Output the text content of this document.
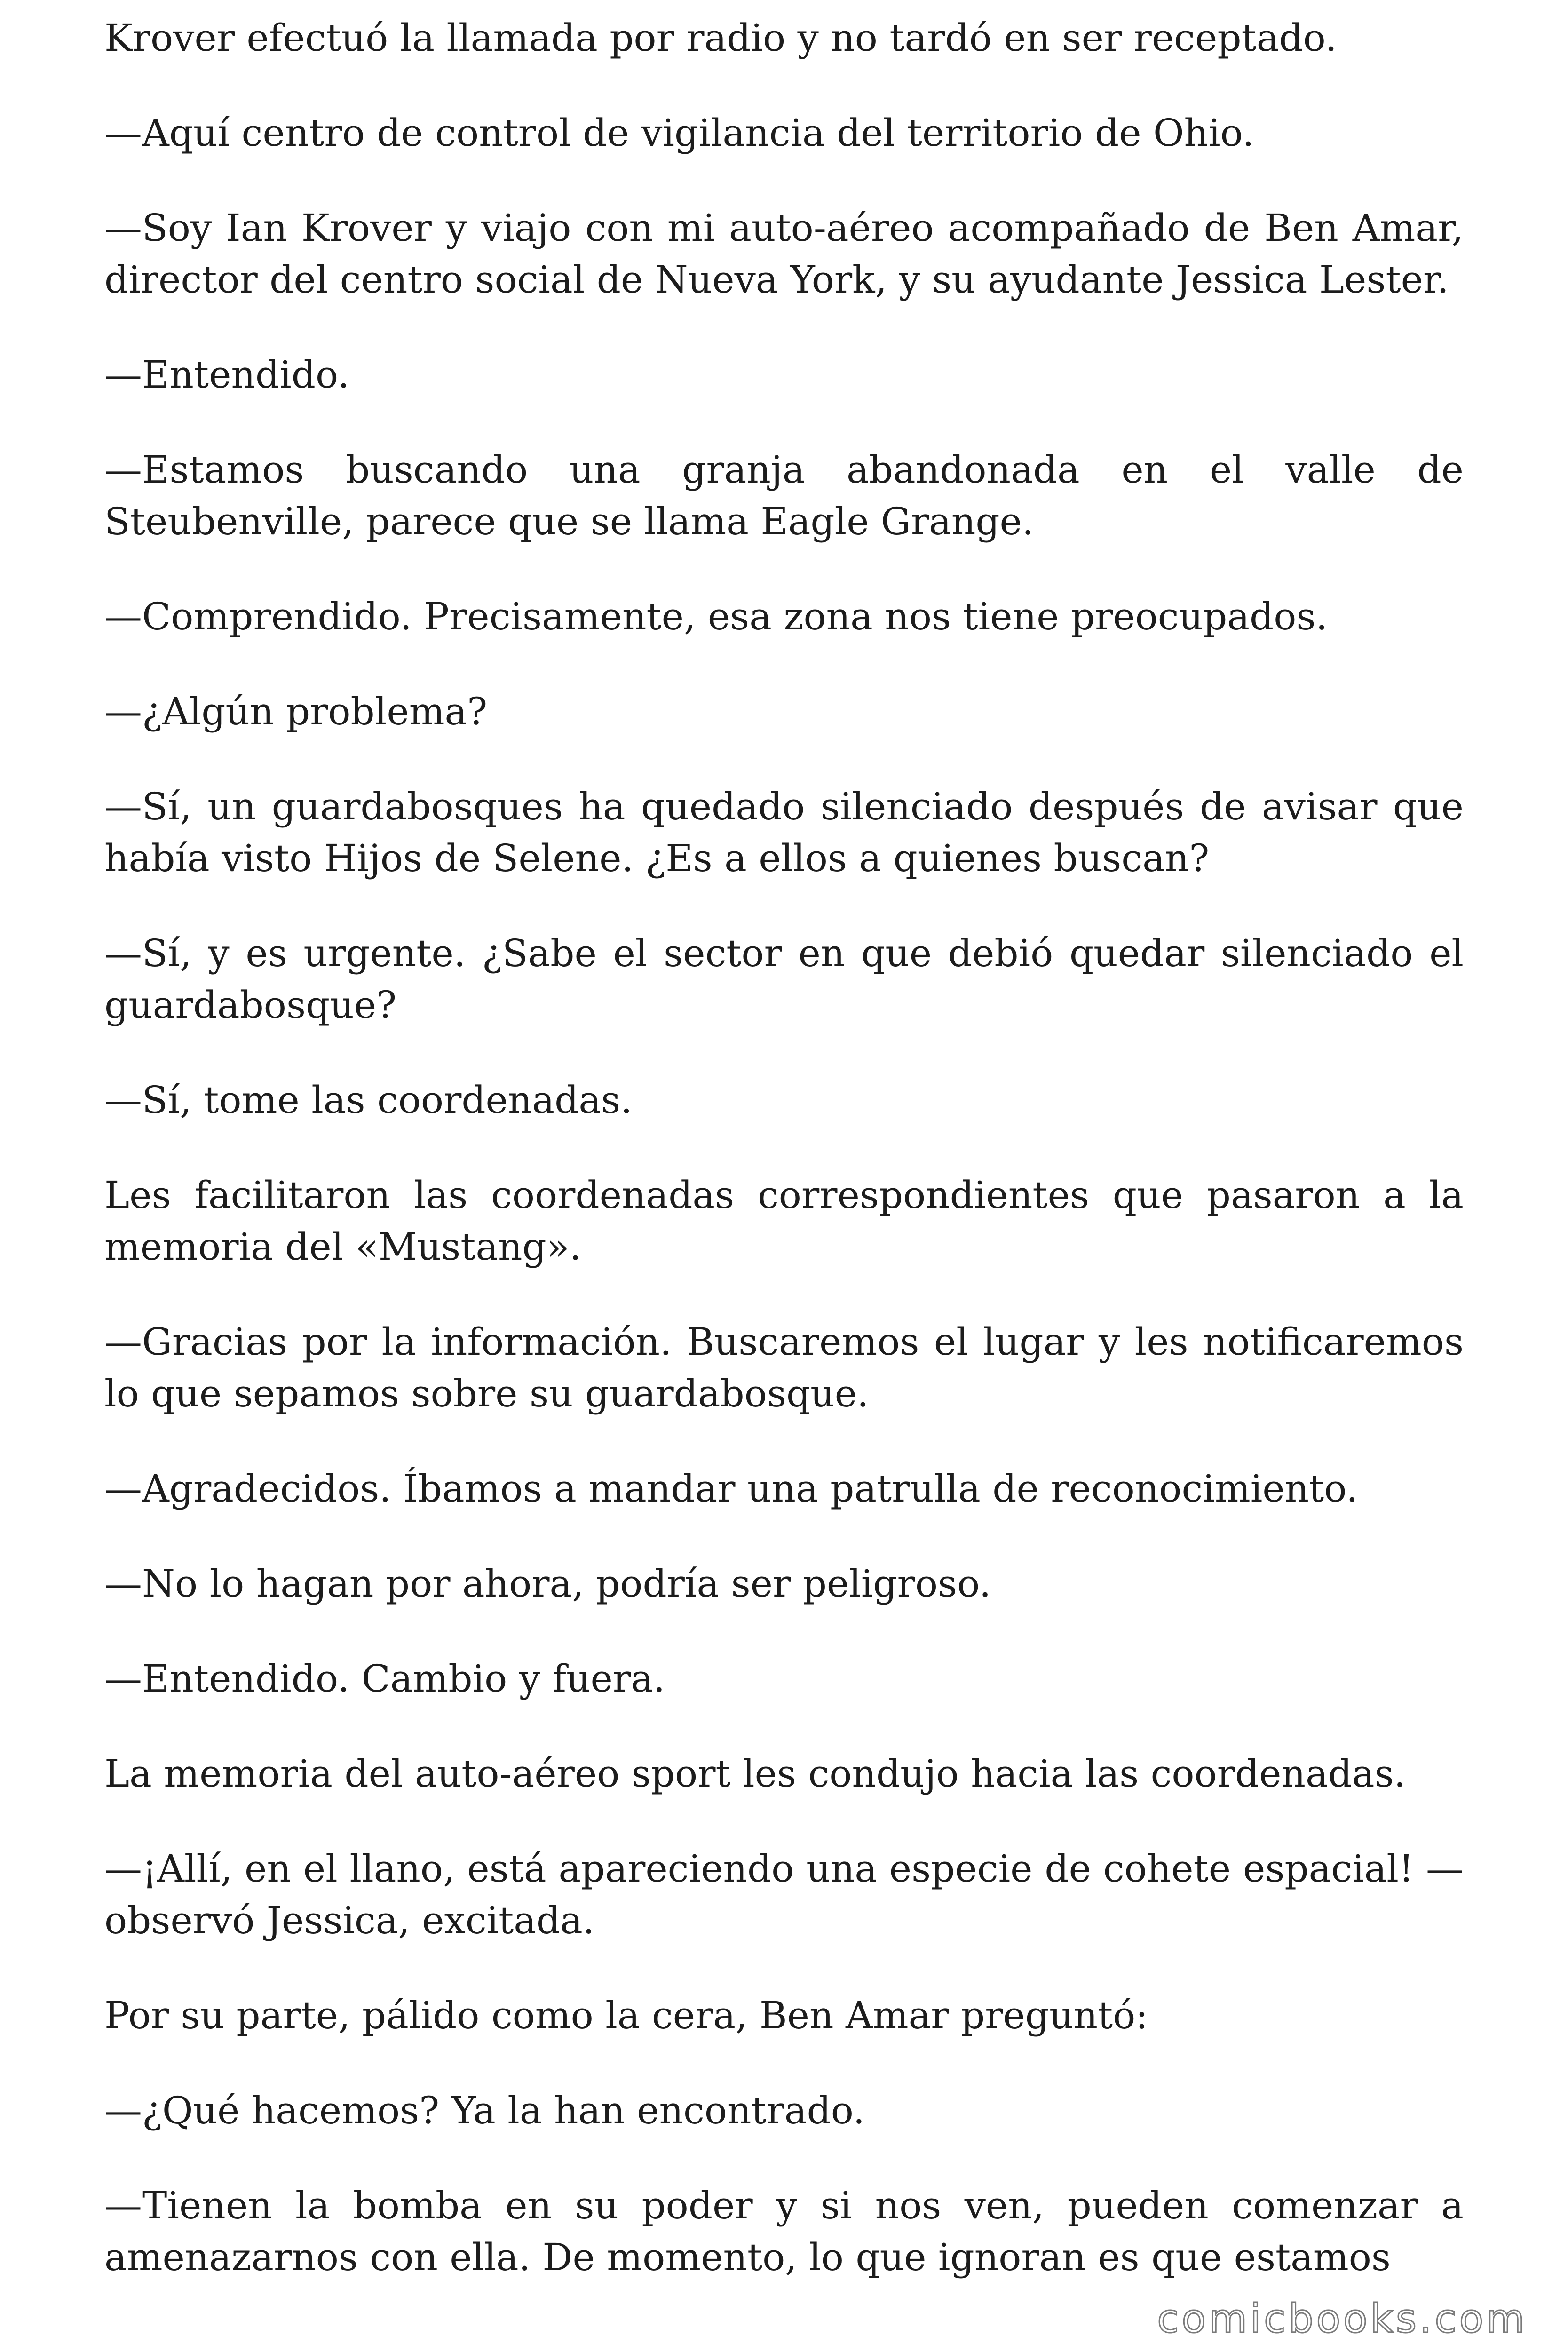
Krover efectuó la llamada por radio y no tardó en ser receptado.

—Aquí centro de control de vigilancia del territorio de Ohio.

—Soy Ian Krover y viajo con mi auto-aéreo acompañado de Ben Amar, director del centro social de Nueva York, y su ayudante Jessica Lester.

—Entendido.

—Estamos buscando una granja abandonada en el valle de Steubenville, parece que se llama Eagle Grange.

—Comprendido. Precisamente, esa zona nos tiene preocupados.

—¿Algún problema?

—Sí, un guardabosques ha quedado silenciado después de avisar que había visto Hijos de Selene. ¿Es a ellos a quienes buscan?

—Sí, y es urgente. ¿Sabe el sector en que debió quedar silenciado el guardabosque?

—Sí, tome las coordenadas.

Les facilitaron las coordenadas correspondientes que pasaron a la memoria del «Mustang».

—Gracias por la información. Buscaremos el lugar y les notificaremos lo que sepamos sobre su guardabosque.

—Agradecidos. Íbamos a mandar una patrulla de reconocimiento.

—No lo hagan por ahora, podría ser peligroso.

—Entendido. Cambio y fuera.

La memoria del auto-aéreo sport les condujo hacia las coordenadas.

—¡Allí, en el llano, está apareciendo una especie de cohete espacial! —observó Jessica, excitada.

Por su parte, pálido como la cera, Ben Amar preguntó:

—¿Qué hacemos? Ya la han encontrado.

—Tienen la bomba en su poder y si nos ven, pueden comenzar a amenazarnos con ella. De momento, lo que ignoran es que estamos

comicbooks.com
